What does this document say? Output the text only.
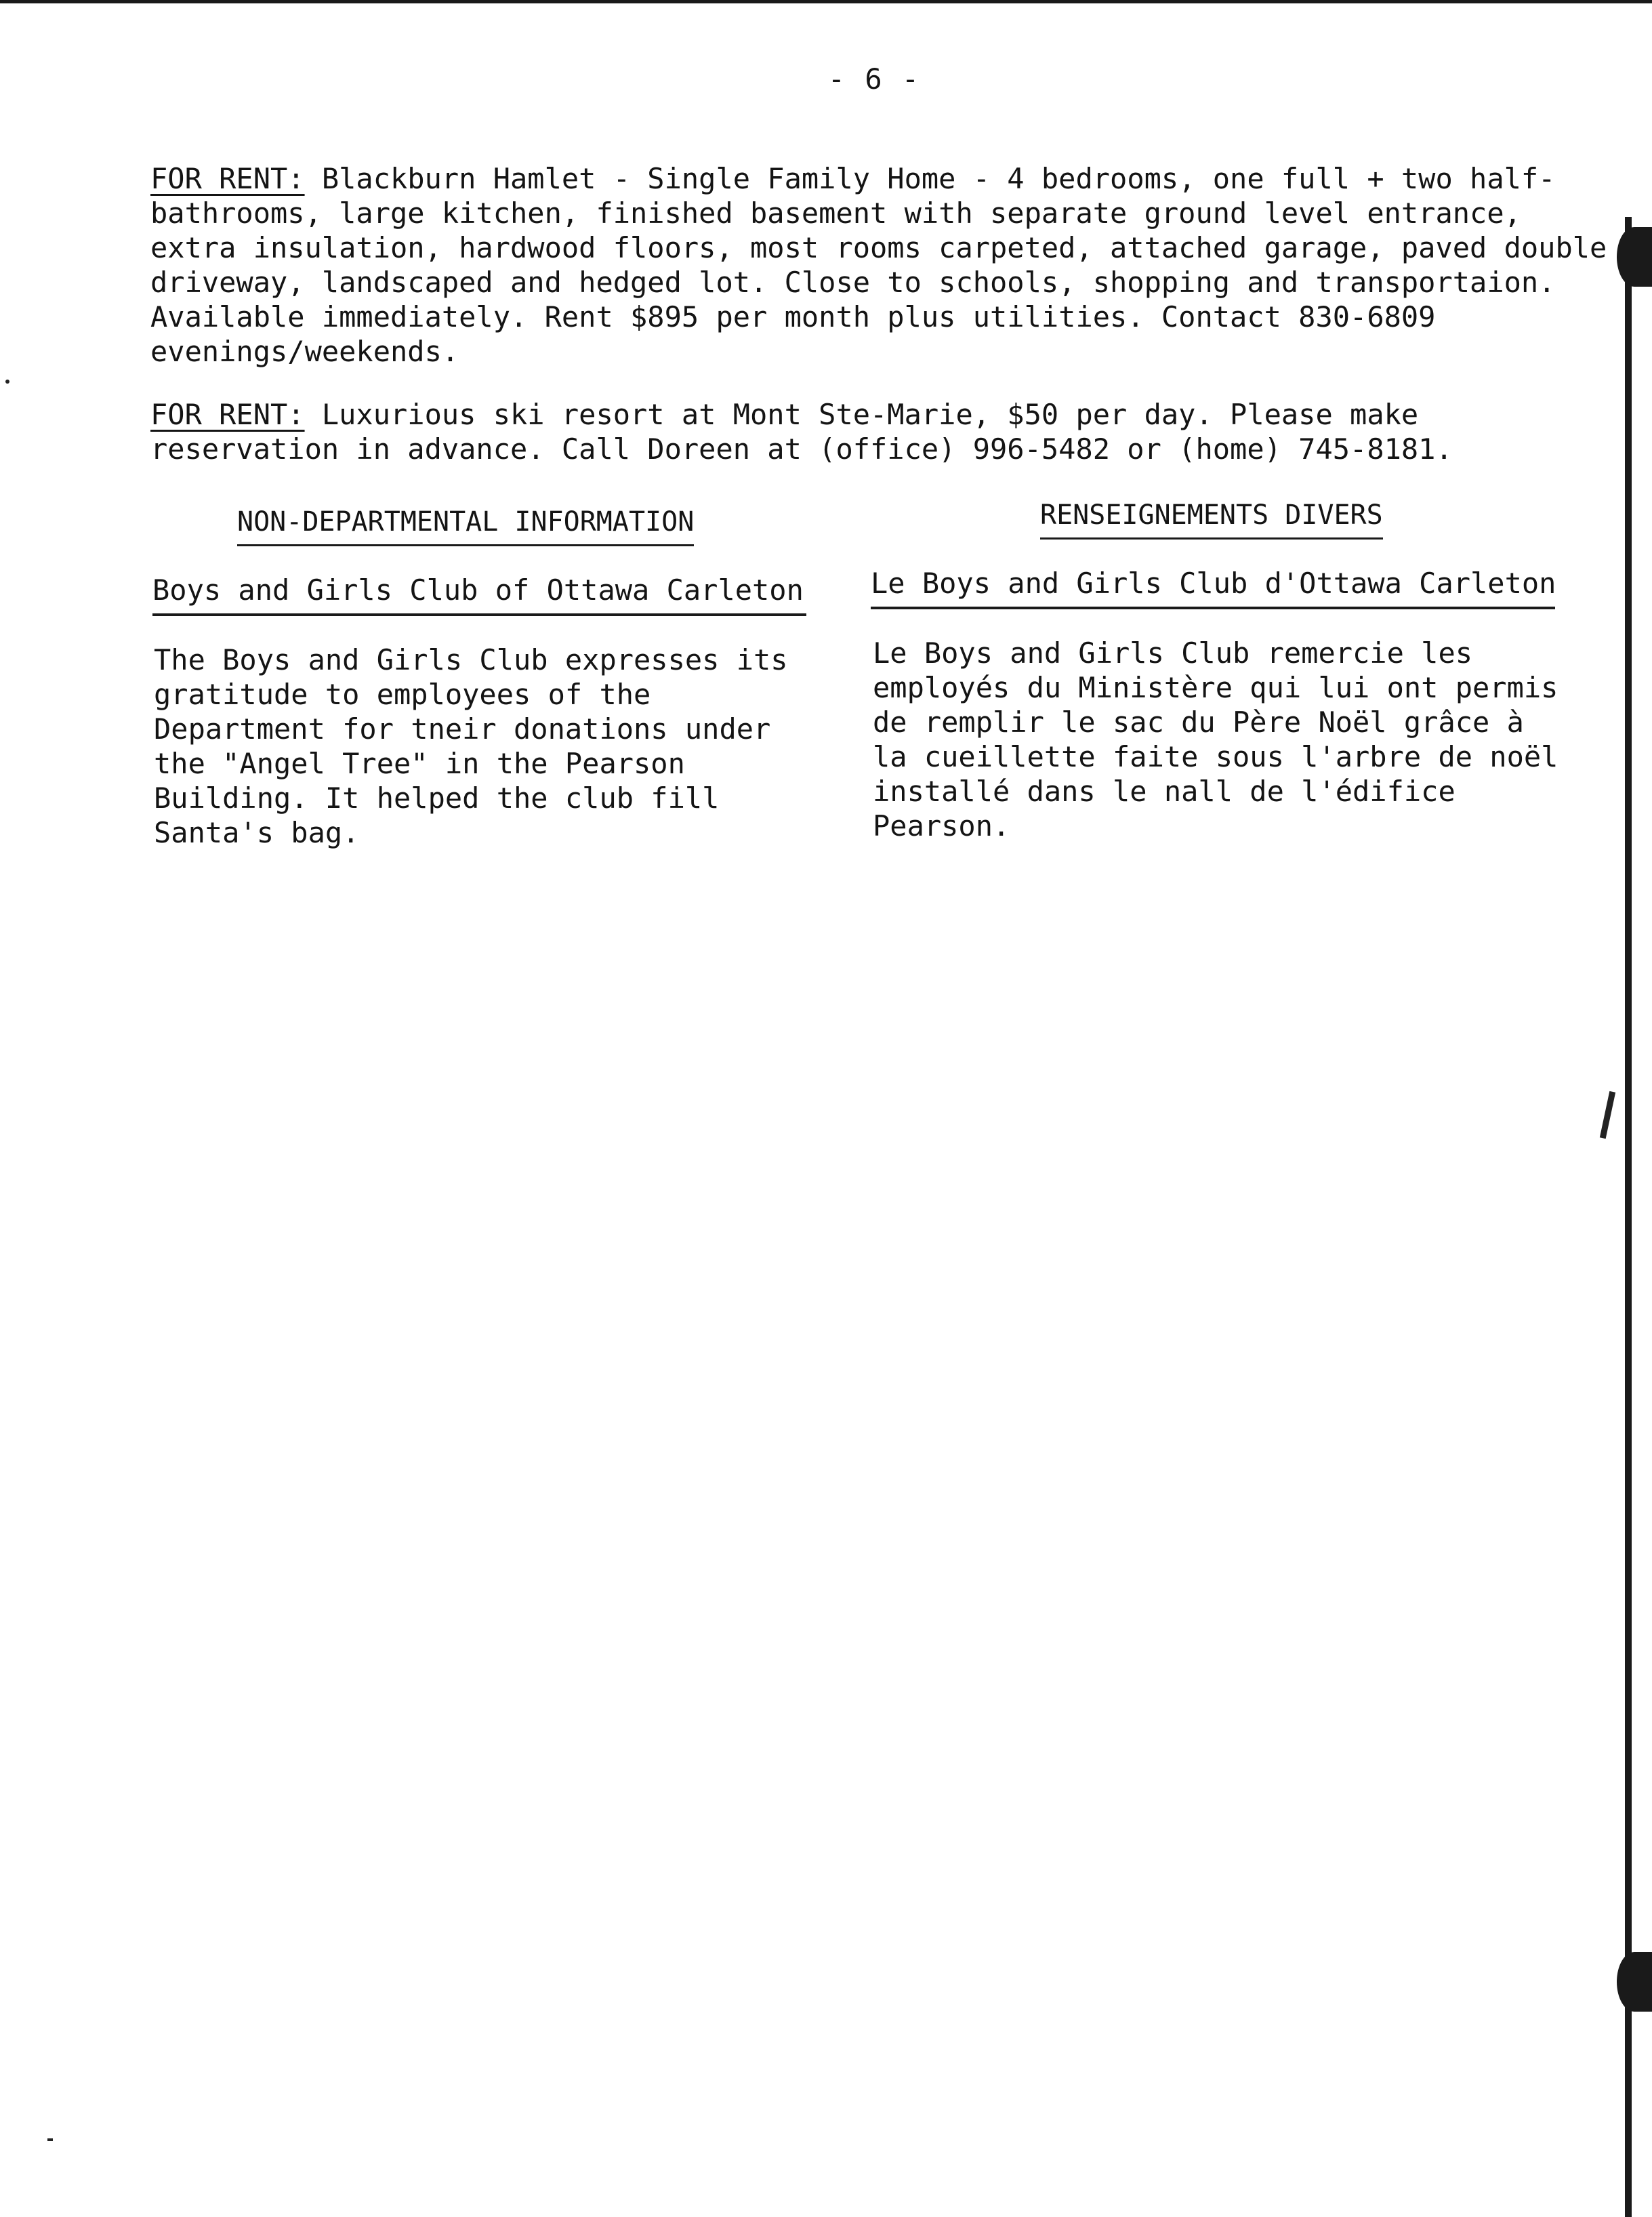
- 6 -

FOR RENT: Blackburn Hamlet - Single Family Home - 4 bedrooms, one full + two half-bathrooms, large kitchen, finished basement with separate ground level entrance, extra insulation, hardwood floors, most rooms carpeted, attached garage, paved double driveway, landscaped and hedged lot. Close to schools, shopping and transportaion. Available immediately. Rent $895 per month plus utilities. Contact 830-6809 evenings/weekends.

FOR RENT: Luxurious ski resort at Mont Ste-Marie, $50 per day. Please make reservation in advance. Call Doreen at (office) 996-5482 or (home) 745-8181.

NON-DEPARTMENTAL INFORMATION	RENSEIGNEMENTS DIVERS
Boys and Girls Club of Ottawa Carleton Le Boys and Girls Club d'Ottawa Carleton

The Boys and Girls Club expresses its gratitude to employees of the Department for tneir donations under the "Angel Tree" in the Pearson Building. It helped the club fill Santa's bag.

Le Boys and Girls Club remercie les employés du Ministère qui lui ont permis de remplir le sac du Père Noël grâce à la cueillette faite sous l'arbre de noël installé dans le nall de l'édifice Pearson.
